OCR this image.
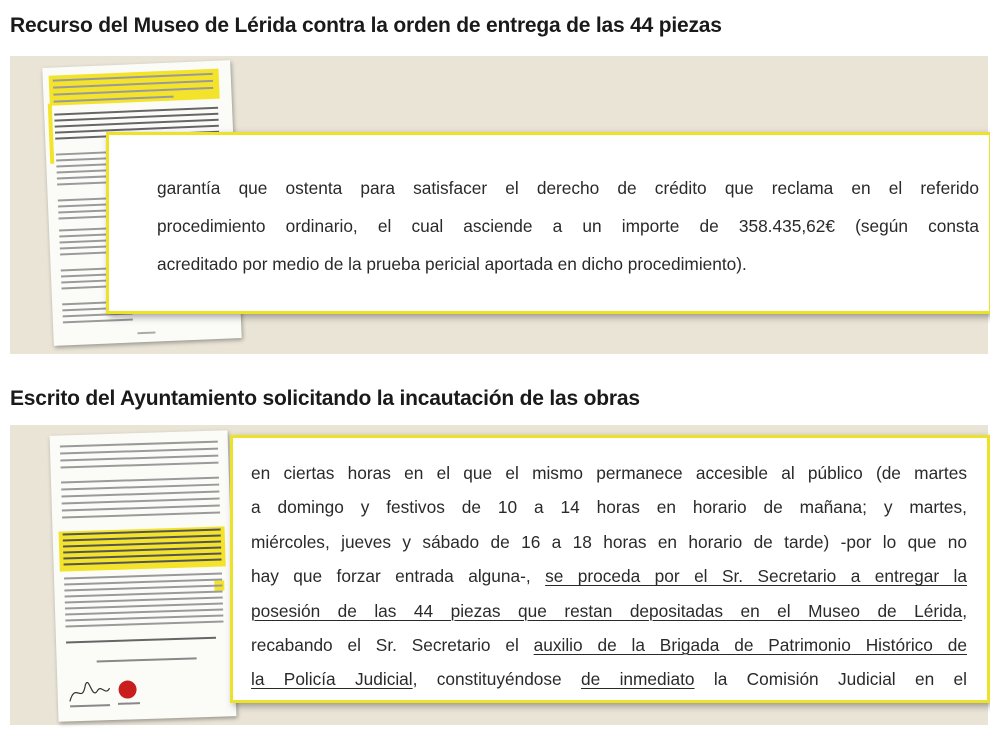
Recurso del Museo de Lérida contra la orden de entrega de las 44 piezas
garantía que ostenta para satisfacer el derecho de crédito que reclama en el referido
procedimiento ordinario, el cual asciende a un importe de 358.435,62€ (según consta
acreditado por medio de la prueba pericial aportada en dicho procedimiento).
Escrito del Ayuntamiento solicitando la incautación de las obras
en ciertas horas en el que el mismo permanece accesible al público (de martes
a domingo y festivos de 10 a 14 horas en horario de mañana; y martes,
miércoles, jueves y sábado de 16 a 18 horas en horario de tarde) -por lo que no
hay que forzar entrada alguna-, se proceda por el Sr. Secretario a entregar la
posesión de las 44 piezas que restan depositadas en el Museo de Lérida,
recabando el Sr. Secretario el auxilio de la Brigada de Patrimonio Histórico de
la Policía Judicial, constituyéndose de inmediato la Comisión Judicial en el
